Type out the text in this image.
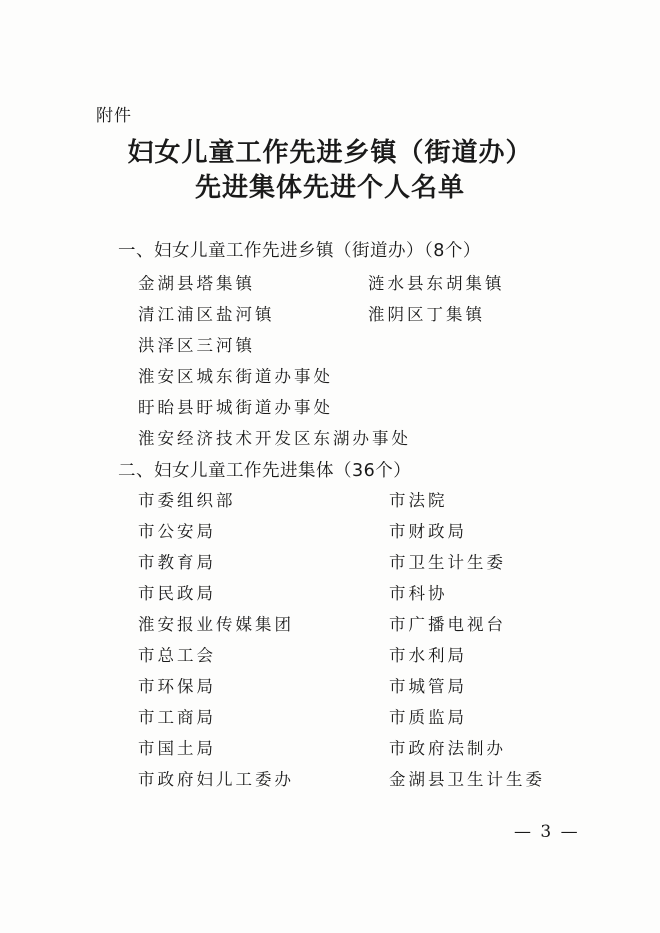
附件
妇女儿童工作先进乡镇（街道办）
先进集体先进个人名单
一、妇女儿童工作先进乡镇（街道办）（8个）
金湖县塔集镇	涟水县东胡集镇
清江浦区盐河镇	淮阴区丁集镇
洪泽区三河镇
淮安区城东街道办事处
盱眙县盱城街道办事处
淮安经济技术开发区东湖办事处
二、妇女儿童工作先进集体（36个）
市委组织部	市法院
市公安局	市财政局
市教育局	市卫生计生委
市民政局	市科协
淮安报业传媒集团	市广播电视台
市总工会	市水利局
市环保局	市城管局
市工商局	市质监局
市国土局	市政府法制办
市政府妇儿工委办	金湖县卫生计生委
— 3 —
